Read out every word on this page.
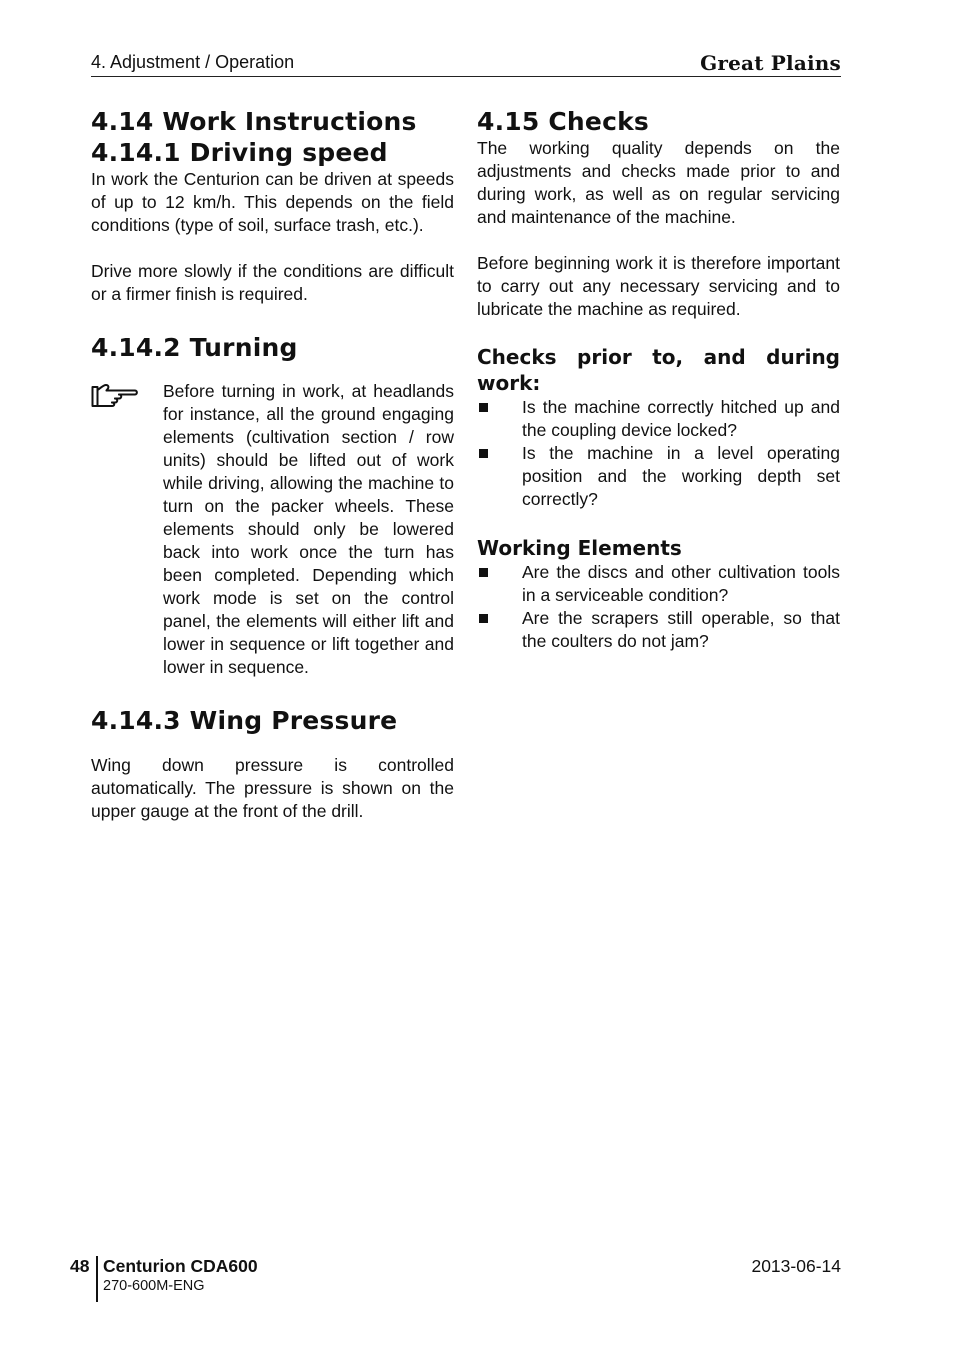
4. Adjustment / Operation	Great Plains
4.14 Work Instructions
4.14.1 Driving speed

In work the Centurion can be driven at speeds of up to 12 km/h. This depends on the field conditions (type of soil, surface trash, etc.).

Drive more slowly if the conditions are difficult or a firmer finish is required.

4.14.2 Turning

Before turning in work, at headlands for instance, all the ground engaging elements (cultivation section / row units) should be lifted out of work while driving, allowing the machine to turn on the packer wheels. These elements should only be lowered back into work once the turn has been completed. Depending which work mode is set on the control panel, the elements will either lift and lower in sequence or lift together and lower in sequence.

4.14.3 Wing Pressure

Wing down pressure is controlled automatically. The pressure is shown on the upper gauge at the front of the drill.

4.15 Checks

The working quality depends on the adjustments and checks made prior to and during work, as well as on regular servicing and maintenance of the machine.

Before beginning work it is therefore important to carry out any necessary servicing and to lubricate the machine as required.

Checks prior to, and during work:

Is the machine correctly hitched up and the coupling device locked?

Is the machine in a level operating position and the working depth set correctly?

Working Elements

Are the discs and other cultivation tools in a serviceable condition?

Are the scrapers still operable, so that the coulters do not jam?

48 Centurion CDA600
270-600M-ENG
2013-06-14
